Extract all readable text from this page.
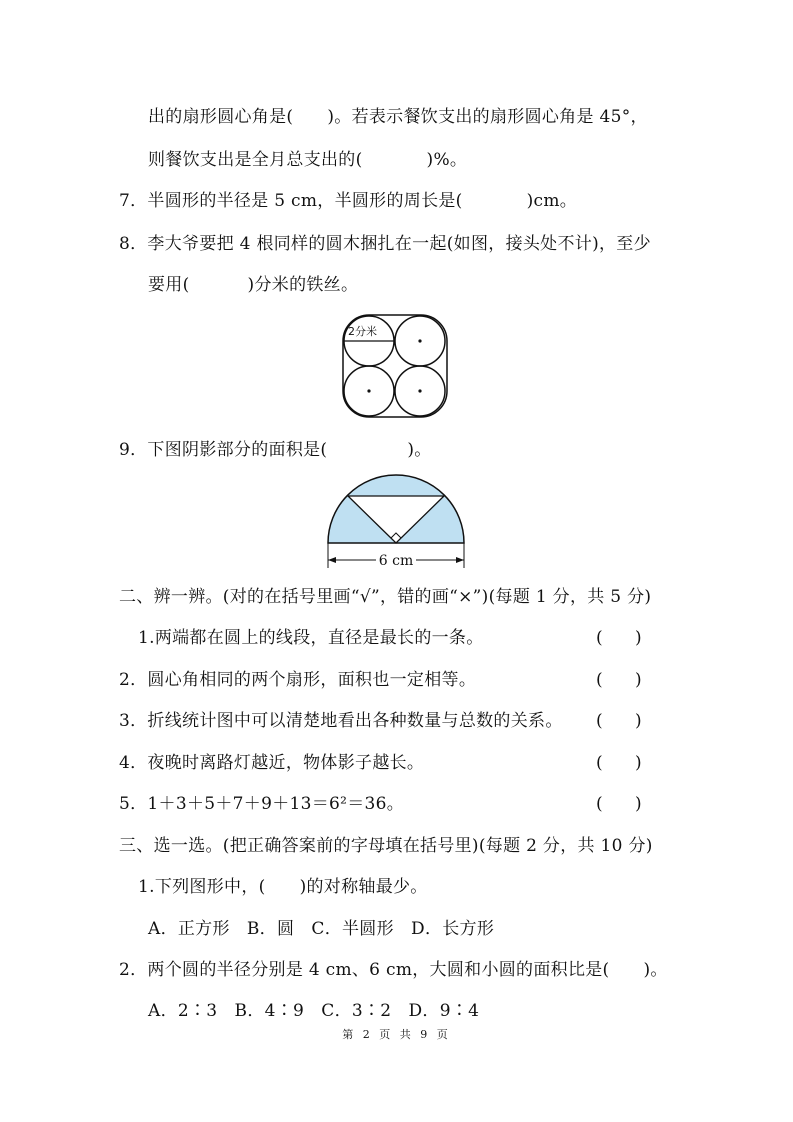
出的扇形圆心角是( )。若表示餐饮支出的扇形圆心角是 45°，
则餐饮支出是全月总支出的(	)%。
7．半圆形的半径是 5 cm，半圆形的周长是(	)cm。
8．李大爷要把 4 根同样的圆木捆扎在一起(如图，接头处不计)，至少
要用(	)分米的铁丝。
2分米
9．下图阴影部分的面积是(	)。
6 cm
二、辨一辨。(对的在括号里画“√”，错的画“×”)(每题 1 分，共 5 分)
1.两端都在圆上的线段，直径是最长的一条。	(      )
2．圆心角相同的两个扇形，面积也一定相等。	(      )
3．折线统计图中可以清楚地看出各种数量与总数的关系。 (      )
4．夜晚时离路灯越近，物体影子越长。	(      )
5．1＋3＋5＋7＋9＋13＝6²＝36。	(      )
三、选一选。(把正确答案前的字母填在括号里)(每题 2 分，共 10 分)
1.下列图形中，( )的对称轴最少。
A．正方形   B．圆   C．半圆形   D．长方形
2．两个圆的半径分别是 4 cm、6 cm，大圆和小圆的面积比是( )。
A．2∶3   B．4∶9   C．3∶2   D．9∶4
第 2 页 共 9 页
